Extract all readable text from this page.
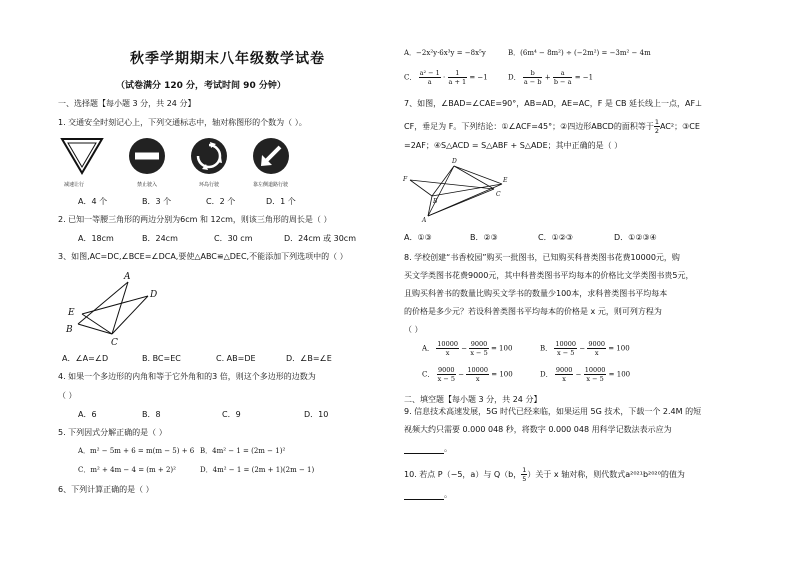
秋季学期期末八年级数学试卷
（试卷满分 120 分，考试时间 90 分钟）
一、选择题【每小题 3 分，共 24 分】
1. 交通安全时刻记心上，下列交通标志中，轴对称图形的个数为（ ）。
减速让行	禁止驶入	环岛行驶	靠左侧道路行驶
A．4 个	B．3 个	C．2 个	D．1 个
2. 已知一等腰三角形的两边分别为6cm 和 12cm，则该三角形的周长是（ ）
A．18cm	B．24cm	C．30 cm	D．24cm 或 30cm
3、如图,AC=DC,∠BCE=∠DCA,要使△ABC≌△DEC,不能添加下列选项中的（ ）
A
D
E
B
C
A．∠A=∠D	B. BC=EC	C. AB=DE	D．∠B=∠E
4. 如果一个多边形的内角和等于它外角和的3 倍，则这个多边形的边数为
（ ）
A．6	B．8	C．9	D．10
5. 下列因式分解正确的是（ ）
A．m² − 5m + 6 = m(m − 5) + 6 B．4m² − 1 = (2m − 1)²
C．m² + 4m − 4 = (m + 2)²	D．4m² − 1 = (2m + 1)(2m − 1)
6、下列计算正确的是（ ）
A．−2x²y·6x³y = −8x⁵y	B．(6m⁴ − 8m²) ÷ (−2m²) = −3m² − 4m
C． $\frac{\text{a² − 1}}{a} \cdot \frac{1}{a + 1} = -1$	D． $\frac{b}{a - b} + \frac{a}{b - a} = -1$
7、如图，∠BAD=∠CAE=90°，AB=AD，AE=AC，F 是 CB 延长线上一点，AF⊥
CF，垂足为 F。下列结论：①∠ACF=45°；②四边形ABCD的面积等于 $\frac{1}{2} AC^2$；③CE
=2AF；④S△ACD = S△ABF + S△ADE；其中正确的是（ ）
F
B
C
A
D
E
A．①③	B．②③	C．①②③	D．①②③④
8. 学校创建“书香校园”购买一批图书，已知购买科普类图书花费10000元，购
买文学类图书花费9000元，其中科普类图书平均每本的价格比文学类图书贵5元，
且购买科普书的数量比购买文学书的数量少100本，求科普类图书平均每本
的价格是多少元？若设科普类图书平均每本的价格是 x 元，则可列方程为
（ ）
A． $\frac{10000}{x} - \frac{9000}{x - 5} = 100$	B． $\frac{10000}{x - 5} - \frac{9000}{x} = 100$
C． $\frac{9000}{x - 5} - \frac{10000}{x} = 100$	D． $\frac{9000}{x} - \frac{10000}{x - 5} = 100$
二、填空题【每小题 3 分，共 24 分】
9. 信息技术高速发展，5G 时代已经来临，如果运用 5G 技术，下载一个 2.4M 的短
视频大约只需要 0.000 048 秒，将数字 0.000 048 用科学记数法表示应为
。
10. 若点 P（−5，a）与 Q（b， $\frac{1}{5}$ ）关于 x 轴对称，则代数式a²⁰²¹b²⁰²⁰的值为
。
